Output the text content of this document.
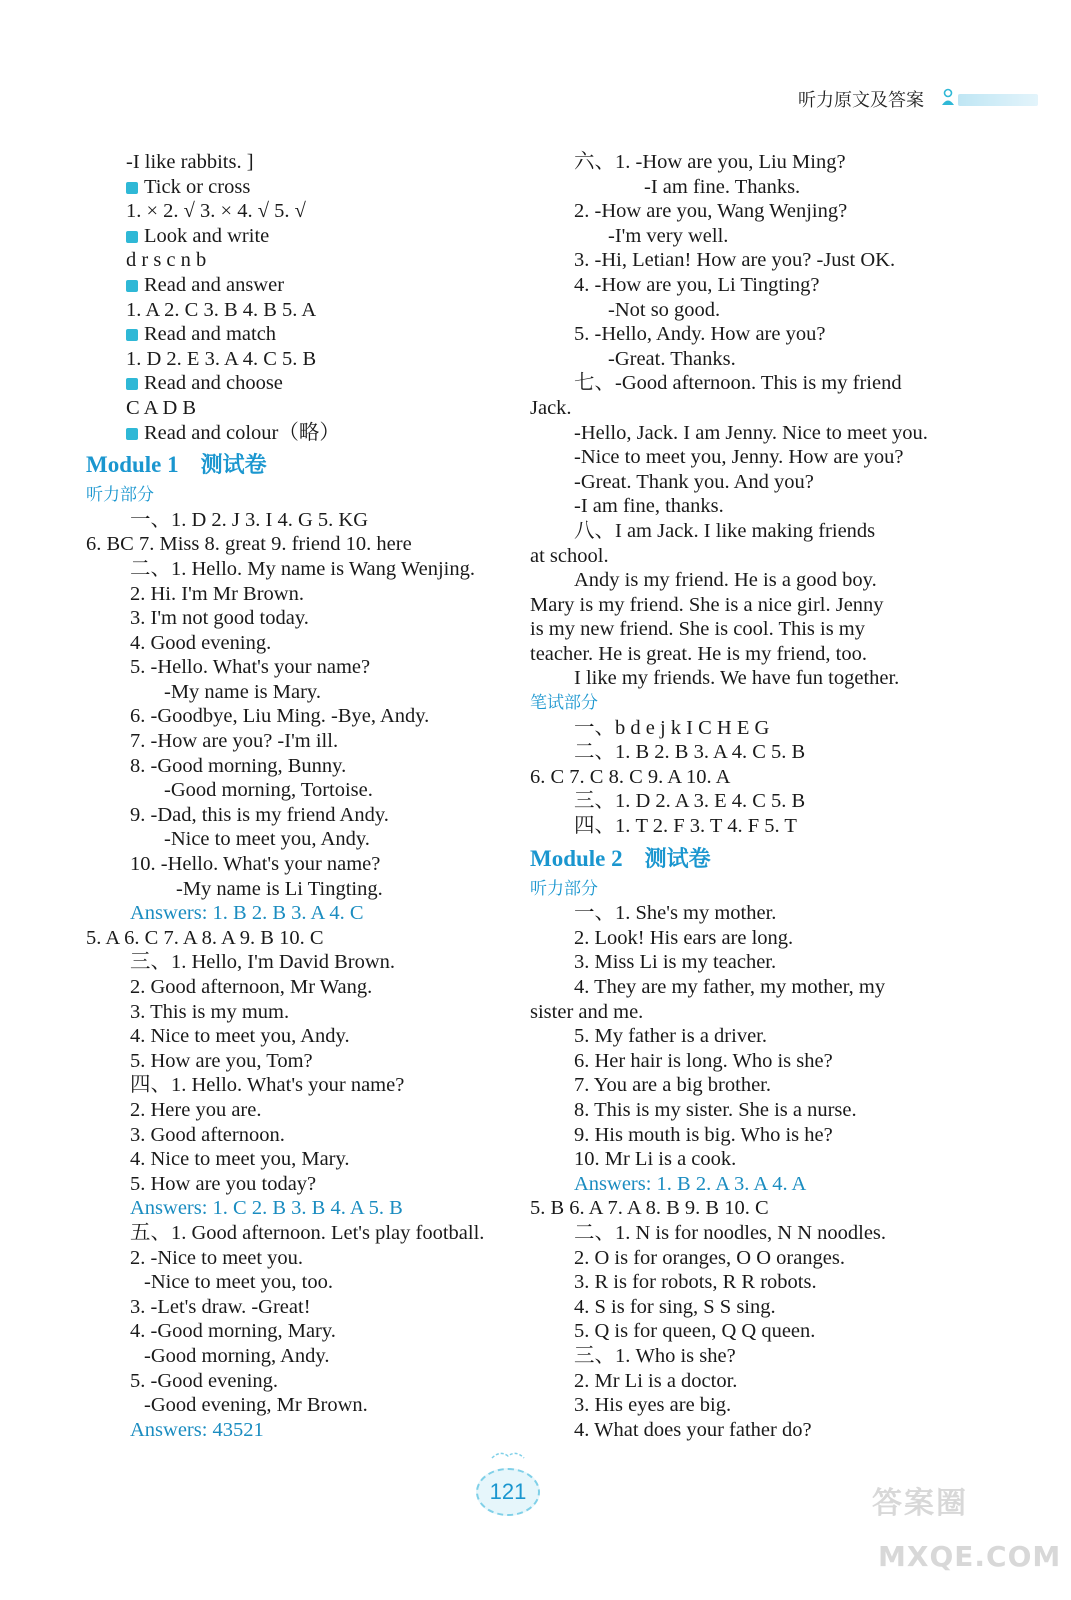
听力原文及答案
-I like rabbits. ]
Tick or cross
1. × 2. √ 3. × 4. √ 5. √
Look and write
d r s c n b
Read and answer
1. A 2. C 3. B 4. B 5. A
Read and match
1. D 2. E 3. A 4. C 5. B
Read and choose
C A D B
Read and colour（略）
Module 1 测试卷
听力部分
一、1. D 2. J 3. I 4. G 5. KG
6. BC 7. Miss 8. great 9. friend 10. here
二、1. Hello. My name is Wang Wenjing.
2. Hi. I'm Mr Brown.
3. I'm not good today.
4. Good evening.
5. -Hello. What's your name?
-My name is Mary.
6. -Goodbye, Liu Ming. -Bye, Andy.
7. -How are you? -I'm ill.
8. -Good morning, Bunny.
-Good morning, Tortoise.
9. -Dad, this is my friend Andy.
-Nice to meet you, Andy.
10. -Hello. What's your name?
-My name is Li Tingting.
Answers: 1. B 2. B 3. A 4. C
5. A 6. C 7. A 8. A 9. B 10. C
三、1. Hello, I'm David Brown.
2. Good afternoon, Mr Wang.
3. This is my mum.
4. Nice to meet you, Andy.
5. How are you, Tom?
四、1. Hello. What's your name?
2. Here you are.
3. Good afternoon.
4. Nice to meet you, Mary.
5. How are you today?
Answers: 1. C 2. B 3. B 4. A 5. B
五、1. Good afternoon. Let's play football.
2. -Nice to meet you.
-Nice to meet you, too.
3. -Let's draw. -Great!
4. -Good morning, Mary.
-Good morning, Andy.
5. -Good evening.
-Good evening, Mr Brown.
Answers: 43521
六、1. -How are you, Liu Ming?
-I am fine. Thanks.
2. -How are you, Wang Wenjing?
-I'm very well.
3. -Hi, Letian! How are you? -Just OK.
4. -How are you, Li Tingting?
-Not so good.
5. -Hello, Andy. How are you?
-Great. Thanks.
七、-Good afternoon. This is my friend
Jack.
-Hello, Jack. I am Jenny. Nice to meet you.
-Nice to meet you, Jenny. How are you?
-Great. Thank you. And you?
-I am fine, thanks.
八、I am Jack. I like making friends
at school.
Andy is my friend. He is a good boy.
Mary is my friend. She is a nice girl. Jenny
is my new friend. She is cool. This is my
teacher. He is great. He is my friend, too.
I like my friends. We have fun together.
笔试部分
一、b d e j k I C H E G
二、1. B 2. B 3. A 4. C 5. B
6. C 7. C 8. C 9. A 10. A
三、1. D 2. A 3. E 4. C 5. B
四、1. T 2. F 3. T 4. F 5. T
Module 2 测试卷
听力部分
一、1. She's my mother.
2. Look! His ears are long.
3. Miss Li is my teacher.
4. They are my father, my mother, my
sister and me.
5. My father is a driver.
6. Her hair is long. Who is she?
7. You are a big brother.
8. This is my sister. She is a nurse.
9. His mouth is big. Who is he?
10. Mr Li is a cook.
Answers: 1. B 2. A 3. A 4. A
5. B 6. A 7. A 8. B 9. B 10. C
二、1. N is for noodles, N N noodles.
2. O is for oranges, O O oranges.
3. R is for robots, R R robots.
4. S is for sing, S S sing.
5. Q is for queen, Q Q queen.
三、1. Who is she?
2. Mr Li is a doctor.
3. His eyes are big.
4. What does your father do?
121	答案圈
MXQE.COM
